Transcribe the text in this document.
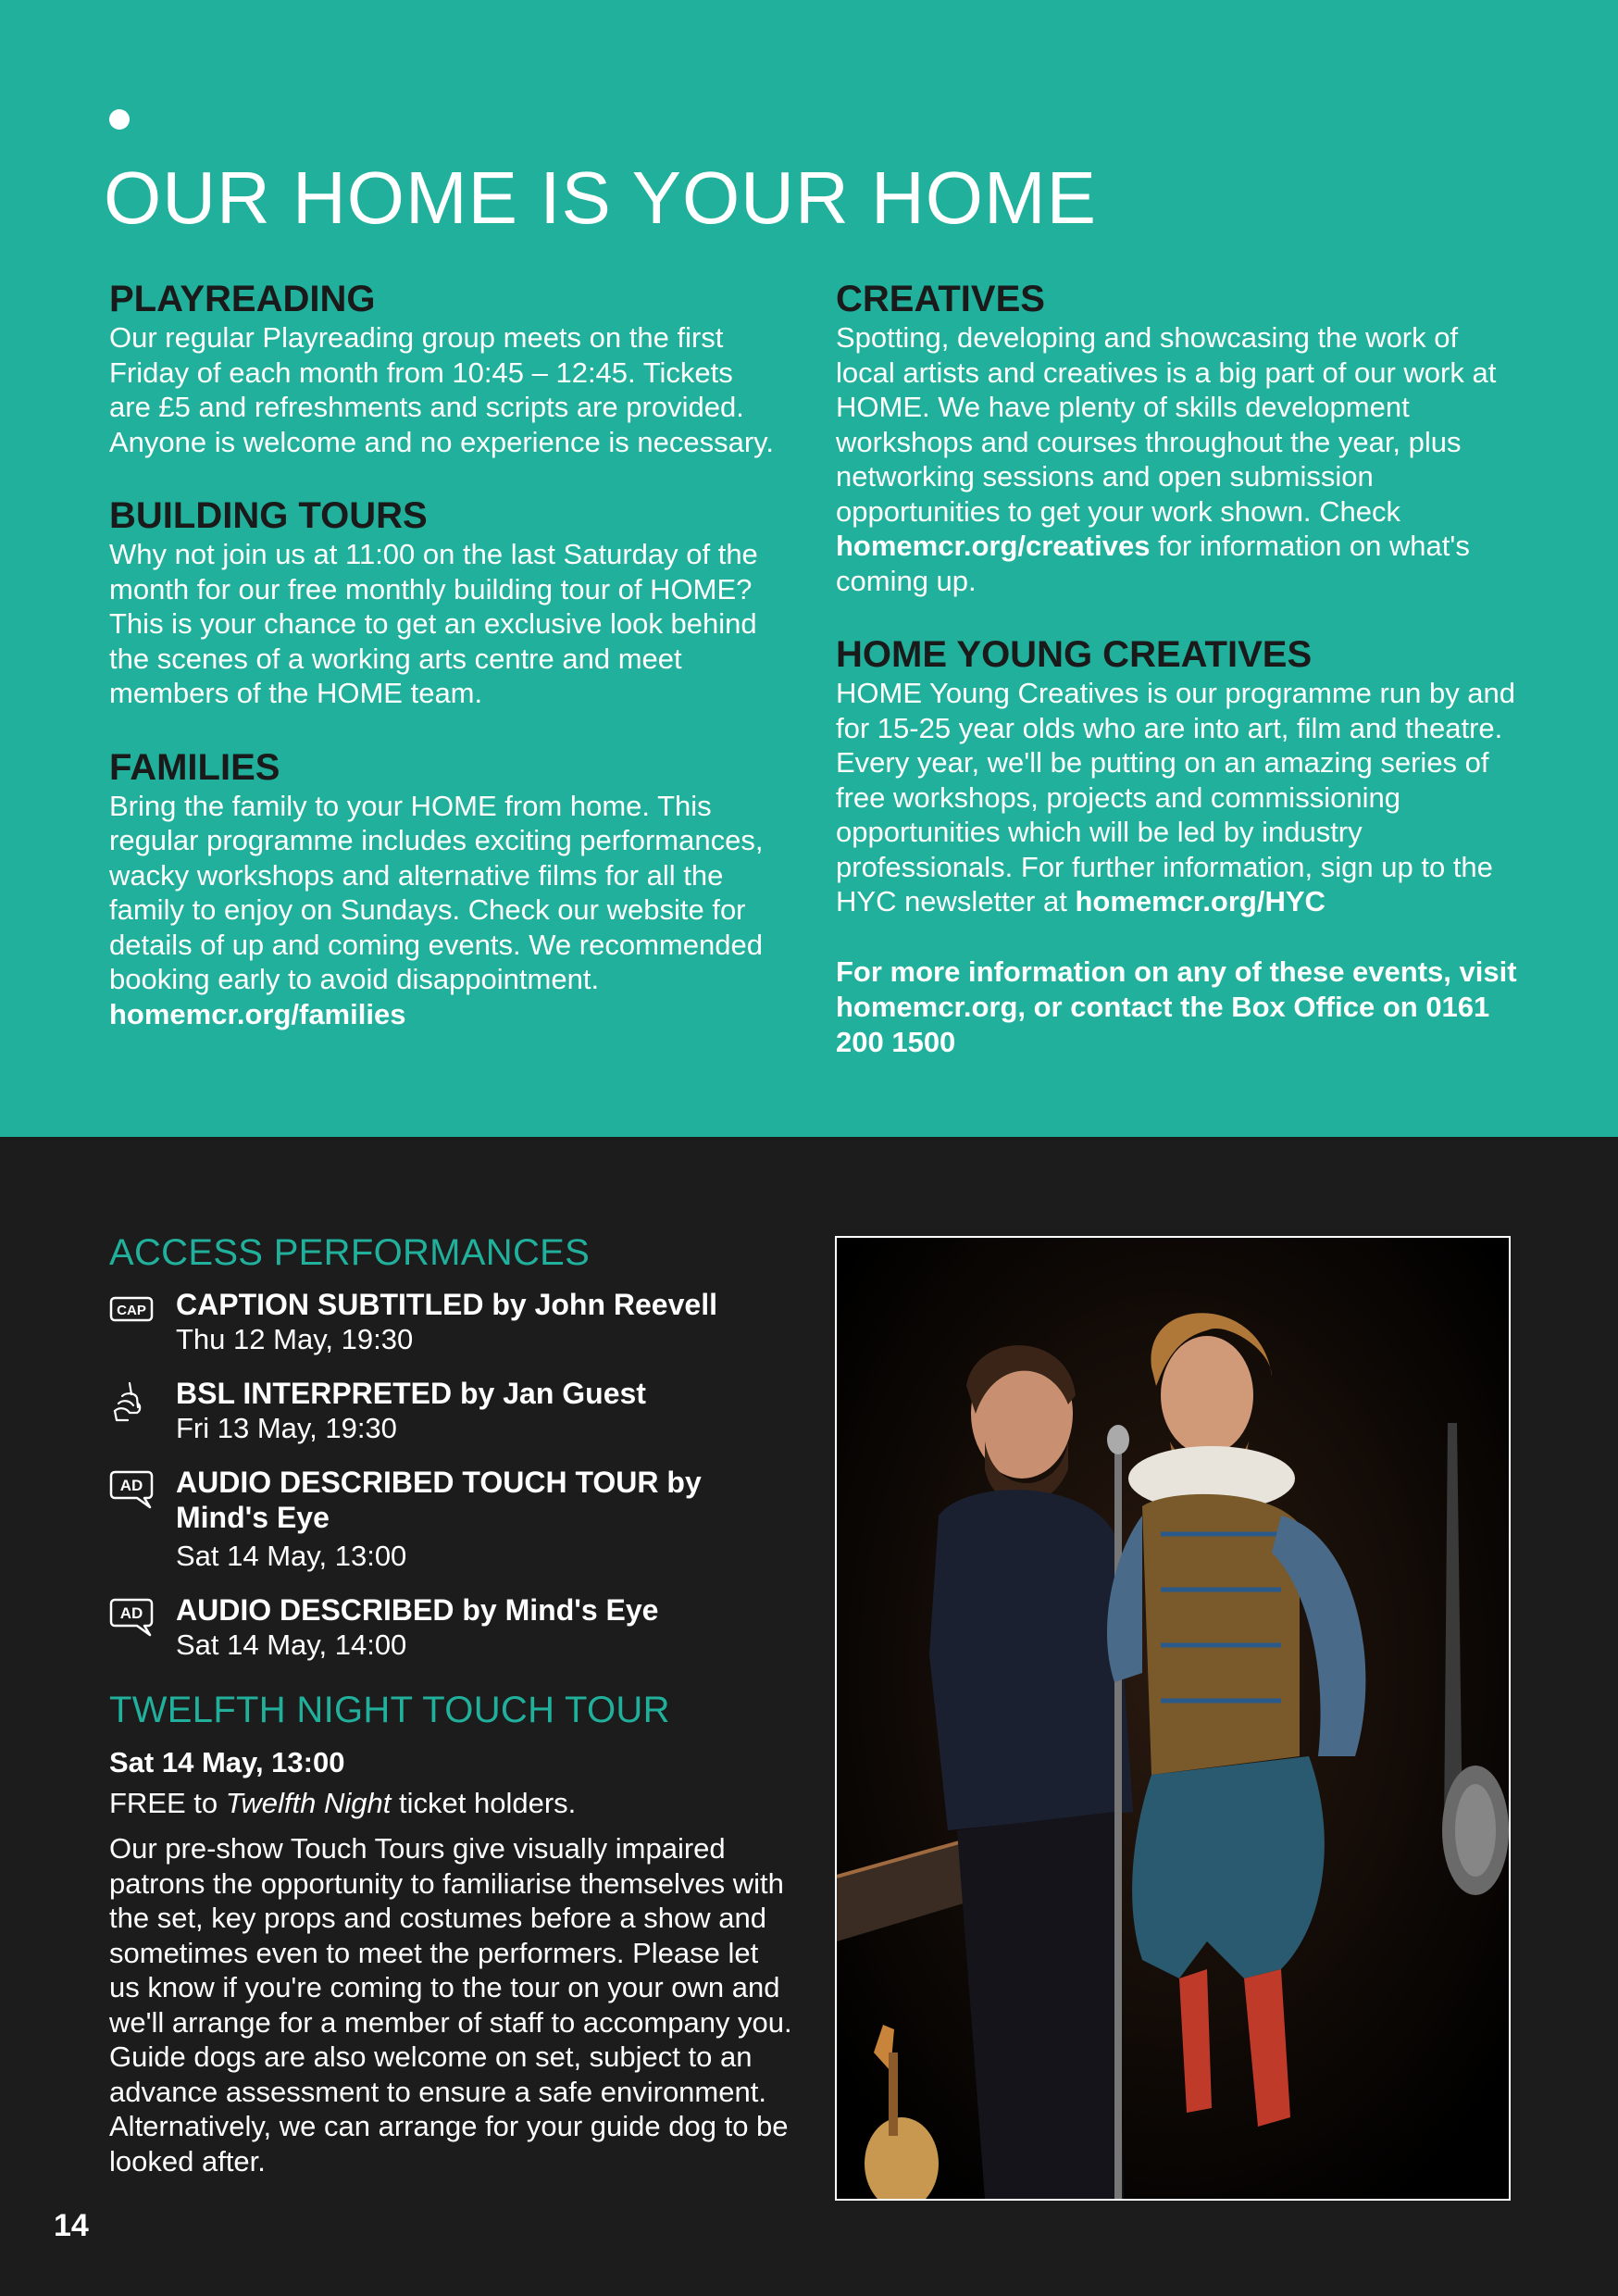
OUR HOME IS YOUR HOME
PLAYREADING

Our regular Playreading group meets on the first Friday of each month from 10:45 – 12:45. Tickets are £5 and refreshments and scripts are provided. Anyone is welcome and no experience is necessary.

BUILDING TOURS

Why not join us at 11:00 on the last Saturday of the month for our free monthly building tour of HOME? This is your chance to get an exclusive look behind the scenes of a working arts centre and meet members of the HOME team.

FAMILIES

Bring the family to your HOME from home. This regular programme includes exciting performances, wacky workshops and alternative films for all the family to enjoy on Sundays. Check our website for details of up and coming events. We recommended booking early to avoid disappointment. homemcr.org/families

CREATIVES

Spotting, developing and showcasing the work of local artists and creatives is a big part of our work at HOME. We have plenty of skills development workshops and courses throughout the year, plus networking sessions and open submission opportunities to get your work shown. Check homemcr.org/creatives for information on what's coming up.

HOME YOUNG CREATIVES

HOME Young Creatives is our programme run by and for 15-25 year olds who are into art, film and theatre. Every year, we'll be putting on an amazing series of free workshops, projects and commissioning opportunities which will be led by industry professionals. For further information, sign up to the HYC newsletter at homemcr.org/HYC

For more information on any of these events, visit homemcr.org, or contact the Box Office on 0161 200 1500
ACCESS PERFORMANCES
CAP CAPTION SUBTITLED by John Reevell
Thu 12 May, 19:30
BSL INTERPRETED by Jan Guest
Fri 13 May, 19:30
AD AUDIO DESCRIBED TOUCH TOUR by Mind's Eye
Sat 14 May, 13:00
AD AUDIO DESCRIBED by Mind's Eye
Sat 14 May, 14:00
TWELFTH NIGHT TOUCH TOUR
Sat 14 May, 13:00
FREE to Twelfth Night ticket holders.
Our pre-show Touch Tours give visually impaired patrons the opportunity to familiarise themselves with the set, key props and costumes before a show and sometimes even to meet the performers. Please let us know if you're coming to the tour on your own and we'll arrange for a member of staff to accompany you. Guide dogs are also welcome on set, subject to an advance assessment to ensure a safe environment. Alternatively, we can arrange for your guide dog to be looked after.
14
